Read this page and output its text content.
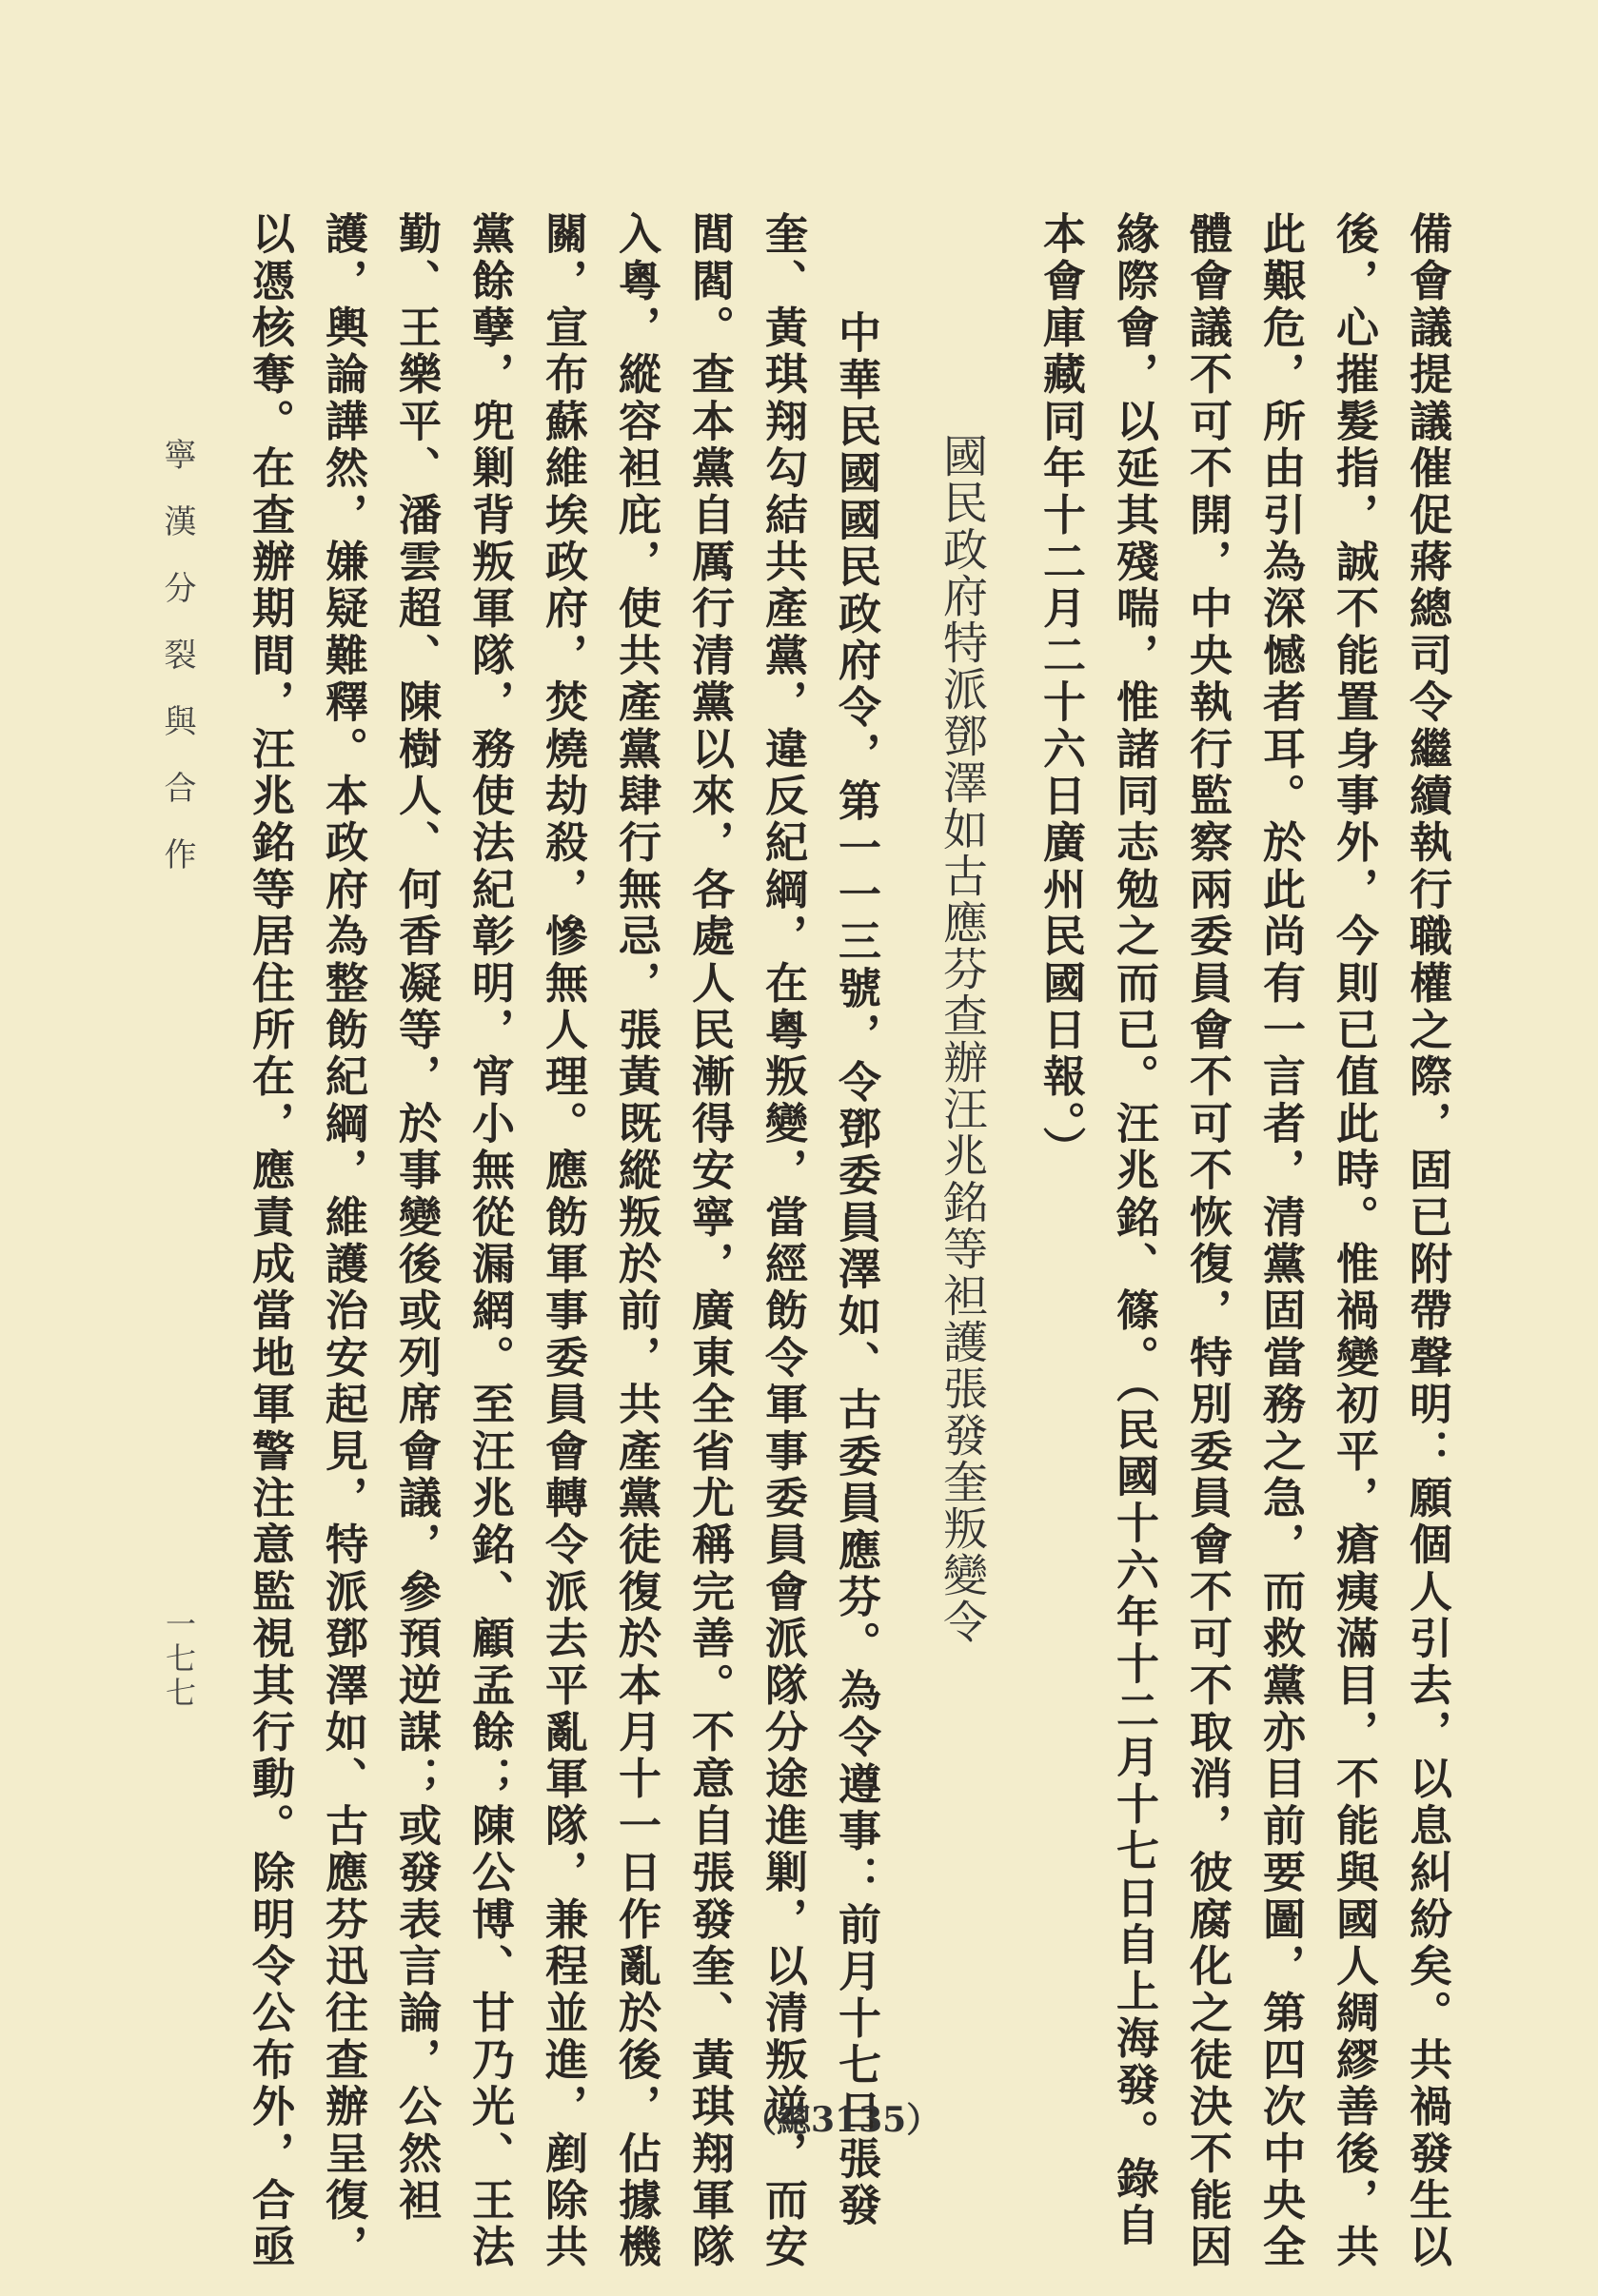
備會議提議催促蔣總司令繼續執行職權之際，固已附帶聲明：願個人引去，以息糾紛矣。共禍發生以
後，心摧髮指，誠不能置身事外，今則已值此時。惟禍變初平，瘡痍滿目，不能與國人綢繆善後，共
此艱危，所由引為深憾者耳。於此尚有一言者，清黨固當務之急，而救黨亦目前要圖，第四次中央全
體會議不可不開，中央執行監察兩委員會不可不恢復，特別委員會不可不取消，彼腐化之徒決不能因
緣際會，以延其殘喘，惟諸同志勉之而已。汪兆銘、篠。（民國十六年十二月十七日自上海發。錄自
本會庫藏同年十二月二十六日廣州民國日報。）
國民政府特派鄧澤如古應芬查辦汪兆銘等袒護張發奎叛變令
中華民國國民政府令，第一一三號，令鄧委員澤如、古委員應芬。為令遵事：前月十七日張發
奎、黃琪翔勾結共產黨，違反紀綱，在粵叛變，當經飭令軍事委員會派隊分途進剿，以清叛逆，而安
閭閻。查本黨自厲行清黨以來，各處人民漸得安寧，廣東全省尤稱完善。不意自張發奎、黃琪翔軍隊
入粵，縱容袒庇，使共產黨肆行無忌，張黃既縱叛於前，共產黨徒復於本月十一日作亂於後，佔據機
關，宣布蘇維埃政府，焚燒劫殺，慘無人理。應飭軍事委員會轉令派去平亂軍隊，兼程並進，剷除共
黨餘孽，兜剿背叛軍隊，務使法紀彰明，宵小無從漏網。至汪兆銘、顧孟餘；陳公博、甘乃光、王法
勤、王樂平、潘雲超、陳樹人、何香凝等，於事變後或列席會議，參預逆謀；或發表言論，公然袒
護，輿論譁然，嫌疑難釋。本政府為整飭紀綱，維護治安起見，特派鄧澤如、古應芬迅往查辦呈復，
以憑核奪。在查辦期間，汪兆銘等居住所在，應責成當地軍警注意監視其行動。除明令公布外，合亟
寧漢分裂與合作
一七七
（總3135）
